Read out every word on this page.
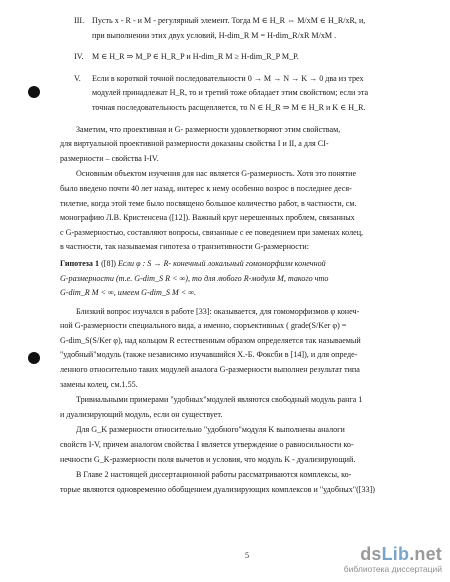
III. Пусть x - R - и M - регулярный элемент. Тогда M ∈ H_R ⇔ M/xM ∈ H_R/xR, и,

при выполнении этих двух условий, H-dim_R M = H-dim_R/xR M/xM .

IV. M ∈ H_R ⇒ M_P ∈ H_R_P и H-dim_R M ≥ H-dim_R_P M_P.

V. Если в короткой точной последовательности 0 → M → N → K → 0 два из трех

модулей принадлежат H_R, то и третий тоже обладает этим свойством; если эта

точная последовательность расщепляется, то N ∈ H_R ⇒ M ∈ H_R и K ∈ H_R.

Заметим, что проективная и G- размерности удовлетворяют этим свойствам,

для виртуальной проективной размерности доказаны свойства I и II, а для CI-

размерности – свойства I-IV.

Основным объектом изучения для нас является G-размерность. Хотя это понятие

было введено почти 40 лет назад, интерес к нему особенно возрос в последнее деся-

тилетие, когда этой теме было посвящено большое количество работ, в частности, см.

монографию Л.В. Кристенсена ([12]). Важный круг нерешенных проблем, связанных

с G-размерностью, составляют вопросы, связанные с ее поведением при заменах колец,

в частности, так называемая гипотеза о транзитивности G-размерности:

Гипотеза 1 ([8]) Если φ : S → R- конечный локальный гомоморфизм конечной

G-размерности (т.е. G-dim_S R < ∞), то для любого R-модуля M, такого что

G-dim_R M < ∞, имеем G-dim_S M < ∞.

Близкий вопрос изучался в работе [33]: оказывается, для гомоморфизмов φ конеч-

ной G-размерности специального вида, а именно, сюръективных ( grade(S/Ker φ) =

G-dim_S(S/Ker φ), над кольцом R естественным образом определяется так называемый

"удобный"модуль (также независимо изучавшийся Х.-Б. Фоксби в [14]), и для опреде-

ленного относительно таких модулей аналога G-размерности выполнен результат типа

замены колец, см.1.55.

Тривиальными примерами "удобных"модулей являются свободный модуль ранга 1

и дуализирующий модуль, если он существует.

Для G_K размерности относительно "удобного"модуля K выполнены аналоги

свойств I-V, причем аналогом свойства I является утверждение о равносильности ко-

нечности G_K-размерности поля вычетов и условия, что модуль K - дуализирующий.

В Главе 2 настоящей диссертационной работы рассматриваются комплексы, ко-

торые являются одновременно обобщением дуализирующих комплексов и "удобных"([33])

5	dsLib.net
библиотека диссертаций
